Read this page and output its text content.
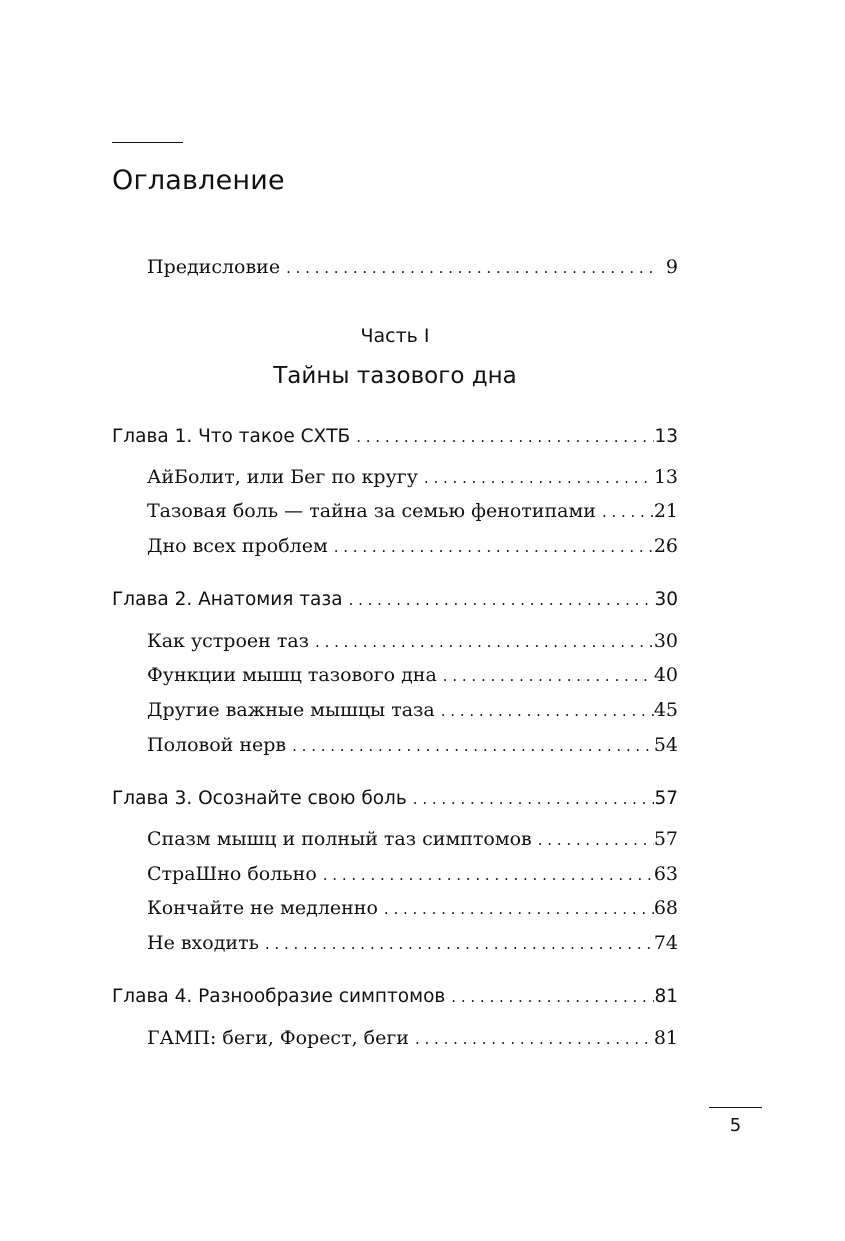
Оглавление
Предисловие . . .	9
Часть I
Тайны тазового дна
Глава 1. Что такое СХТБ . . .	13
АйБолит, или Бег по кругу . . .	13
Тазовая боль — тайна за семью фенотипами . . .	21
Дно всех проблем . . .	26
Глава 2. Анатомия таза . . .	30
Как устроен таз . . .	30
Функции мышц тазового дна . . .	40
Другие важные мышцы таза . . .	45
Половой нерв . . .	54
Глава 3. Осознайте свою боль . . .	57
Спазм мышц и полный таз симптомов . . .	57
СтраШно больно . . .	63
Кончайте не медленно . . .	68
Не входить . . .	74
Глава 4. Разнообразие симптомов . . .	81
ГАМП: беги, Форест, беги . . .	81
5
